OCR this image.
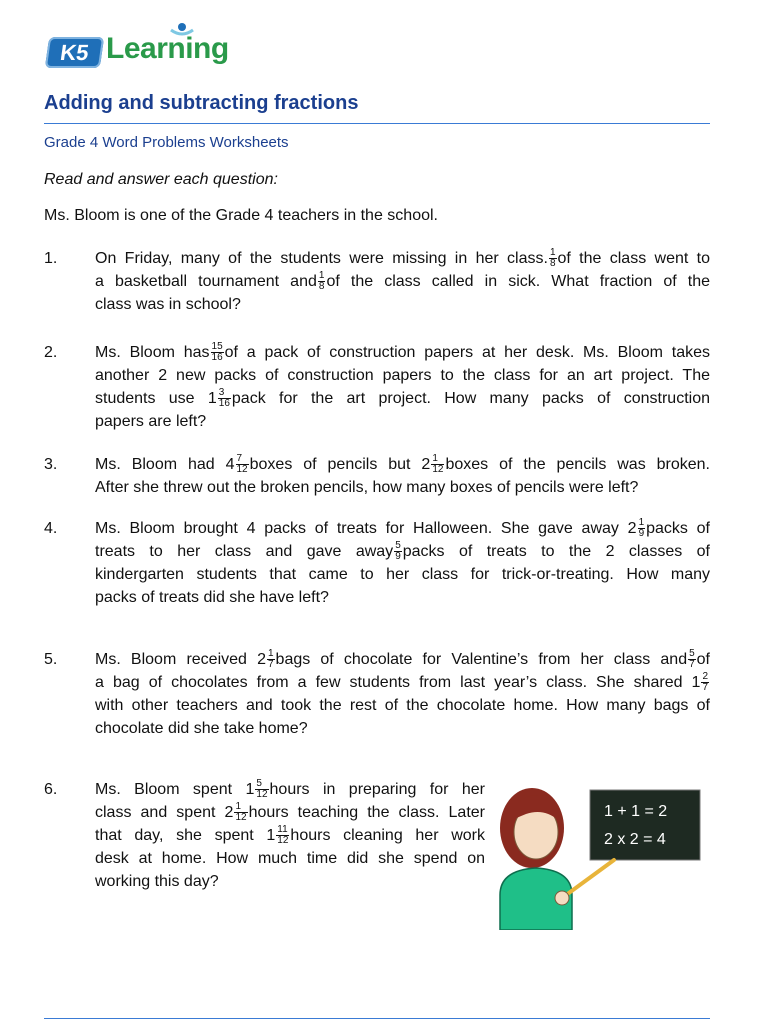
K5 Learning
Adding and subtracting fractions
Grade 4 Word Problems Worksheets
Read and answer each question:
Ms. Bloom is one of the Grade 4 teachers in the school.
1.	On Friday, many of the students were missing in her class. $\frac{1}{8}$ of the class went to
a basketball tournament and $\frac{1}{8}$ of the class called in sick. What fraction of the
class was in school?
2.	Ms. Bloom has $\frac{15}{16}$ of a pack of construction papers at her desk. Ms. Bloom takes
another 2 new packs of construction papers to the class for an art project. The
students use $1 \frac{3}{16}$ pack for the art project. How many packs of construction
papers are left?
3.	Ms. Bloom had $4 \frac{7}{12}$ boxes of pencils but $2 \frac{1}{12}$ boxes of the pencils was broken.
After she threw out the broken pencils, how many boxes of pencils were left?
4.	Ms. Bloom brought 4 packs of treats for Halloween. She gave away $2 \frac{1}{9}$ packs of
treats to her class and gave away $\frac{5}{9}$ packs of treats to the 2 classes of
kindergarten students that came to her class for trick-or-treating. How many
packs of treats did she have left?
5.	Ms. Bloom received $2 \frac{1}{7}$ bags of chocolate for Valentine’s from her class and $\frac{5}{7}$ of
a bag of chocolates from a few students from last year’s class. She shared $1 \frac{2}{7}$
with other teachers and took the rest of the chocolate home. How many bags of
chocolate did she take home?
6.	Ms. Bloom spent $1 \frac{5}{12}$ hours in preparing for her
class and spent $2 \frac{1}{12}$ hours teaching the class. Later
that day, she spent $1 \frac{11}{12}$ hours cleaning her work
desk at home. How much time did she spend on
working this day?
1 + 1 = 2
2 x 2 = 4
